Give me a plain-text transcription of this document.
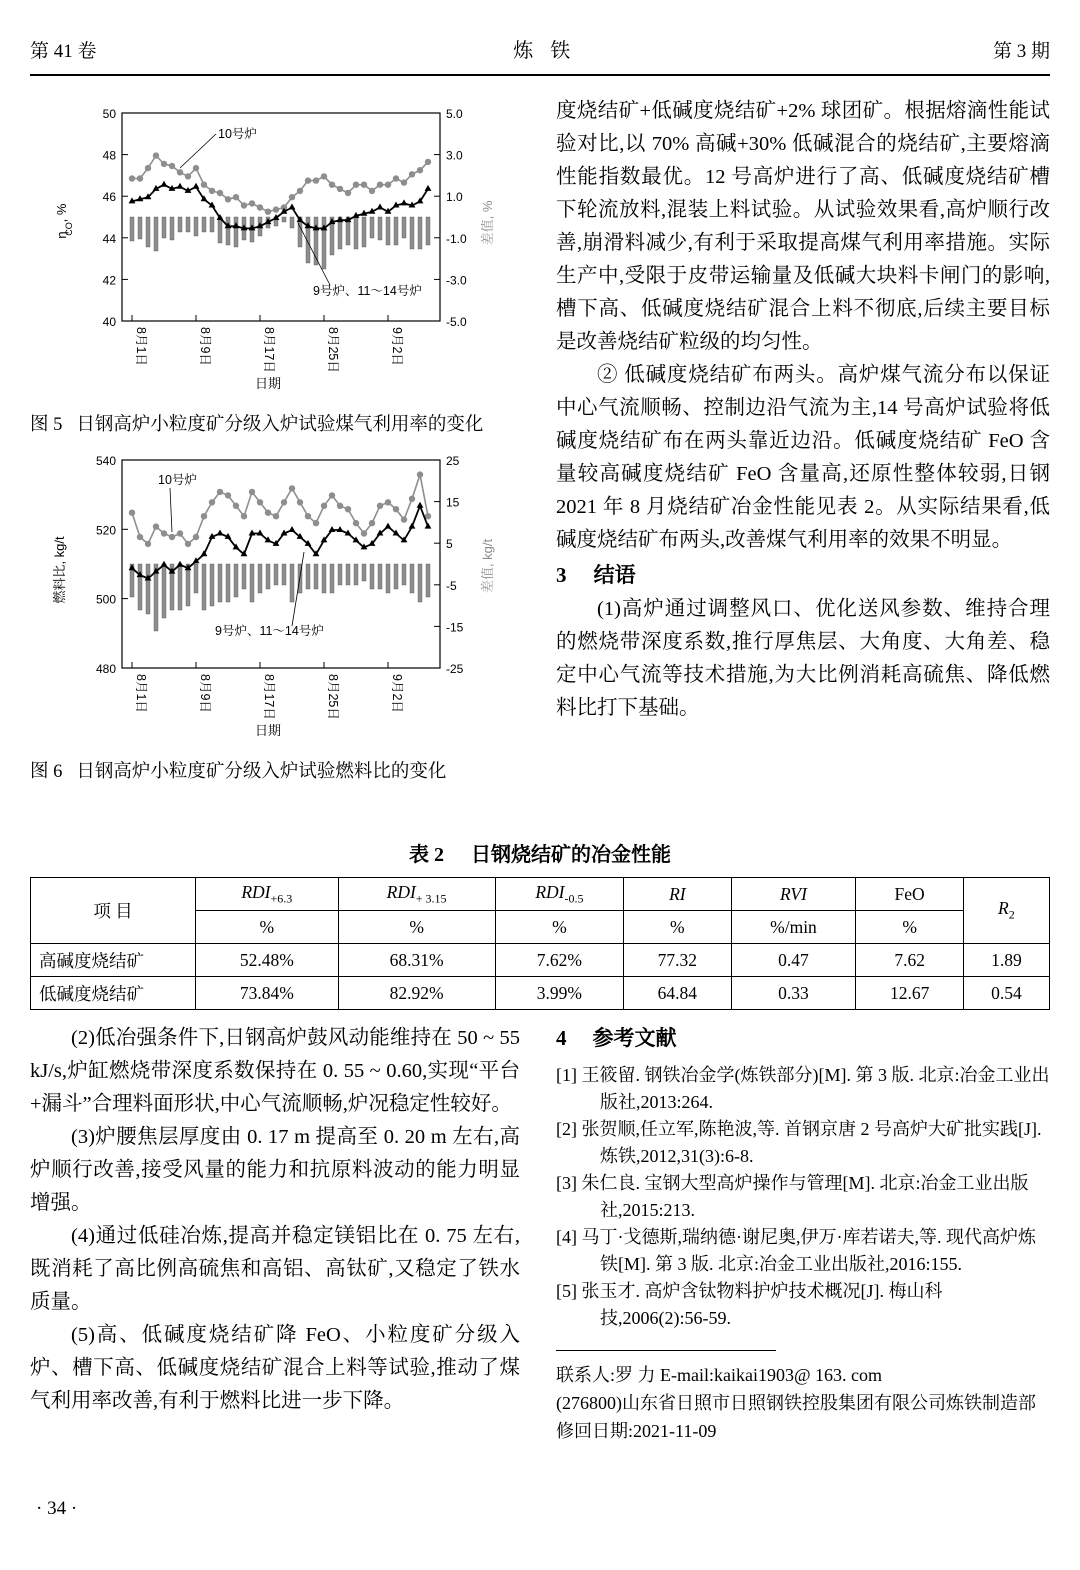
第 41 卷	炼 铁	第 3 期
50
48
46
44
42
40
5.0
3.0
1.0
-1.0
-3.0
-5.0
10号炉
9号炉、11～14号炉
8月1日	8月9日	8月17日	8月25日	9月2日
日期
η
CO
, %	差值, %
图 5 日钢高炉小粒度矿分级入炉试验煤气利用率的变化
540
520
500
480
25
15
5
-5
-15
-25
10号炉
9号炉、11～14号炉
8月1日	8月9日	8月17日	8月25日	9月2日
日期
燃料比, kg/t	差值, kg/t
图 6 日钢高炉小粒度矿分级入炉试验燃料比的变化

度烧结矿+低碱度烧结矿+2% 球团矿。根据熔滴性能试验对比,以 70% 高碱+30% 低碱混合的烧结矿,主要熔滴性能指数最优。12 号高炉进行了高、低碱度烧结矿槽下轮流放料,混装上料试验。从试验效果看,高炉顺行改善,崩滑料减少,有利于采取提高煤气利用率措施。实际生产中,受限于皮带运输量及低碱大块料卡闸门的影响,槽下高、低碱度烧结矿混合上料不彻底,后续主要目标是改善烧结矿粒级的均匀性。

② 低碱度烧结矿布两头。高炉煤气流分布以保证中心气流顺畅、控制边沿气流为主,14 号高炉试验将低碱度烧结矿布在两头靠近边沿。低碱度烧结矿 FeO 含量较高碱度烧结矿 FeO 含量高,还原性整体较弱,日钢 2021 年 8 月烧结矿冶金性能见表 2。从实际结果看,低碱度烧结矿布两头,改善煤气利用率的效果不明显。

3 结语

(1)高炉通过调整风口、优化送风参数、维持合理的燃烧带深度系数,推行厚焦层、大角度、大角差、稳定中心气流等技术措施,为大比例消耗高硫焦、降低燃料比打下基础。

表 2 日钢烧结矿的冶金性能
项 目	$RDI_{+6.3}$	$RDI_{+ 3.15}$	$RDI_{-0.5}$	RI	RVI	FeO	$R_2$
	%	%	%	%	%/min	%	
高碱度烧结矿	52.48%	68.31%	7.62%	77.32	0.47	7.62	1.89
低碱度烧结矿	73.84%	82.92%	3.99%	64.84	0.33	12.67	0.54

(2)低冶强条件下,日钢高炉鼓风动能维持在 50 ~ 55 kJ/s,炉缸燃烧带深度系数保持在 0. 55 ~ 0.60,实现“平台+漏斗”合理料面形状,中心气流顺畅,炉况稳定性较好。

(3)炉腰焦层厚度由 0. 17 m 提高至 0. 20 m 左右,高炉顺行改善,接受风量的能力和抗原料波动的能力明显增强。

(4)通过低硅冶炼,提高并稳定镁铝比在 0. 75 左右,既消耗了高比例高硫焦和高铝、高钛矿,又稳定了铁水质量。

(5)高、低碱度烧结矿降 FeO、小粒度矿分级入炉、槽下高、低碱度烧结矿混合上料等试验,推动了煤气利用率改善,有利于燃料比进一步下降。

4 参考文献

[1] 王筱留. 钢铁冶金学(炼铁部分)[M]. 第 3 版. 北京:冶金工业出版社,2013:264.

[2] 张贺顺,任立军,陈艳波,等. 首钢京唐 2 号高炉大矿批实践[J]. 炼铁,2012,31(3):6-8.

[3] 朱仁良. 宝钢大型高炉操作与管理[M]. 北京:冶金工业出版社,2015:213.

[4] 马丁·戈德斯,瑞纳德·谢尼奥,伊万·库若诺夫,等. 现代高炉炼铁[M]. 第 3 版. 北京:冶金工业出版社,2016:155.

[5] 张玉才. 高炉含钛物料护炉技术概况[J]. 梅山科技,2006(2):56-59.

联系人:罗 力 E-mail:kaikai1903@ 163. com

(276800)山东省日照市日照钢铁控股集团有限公司炼铁制造部

修回日期:2021-11-09

· 34 ·
